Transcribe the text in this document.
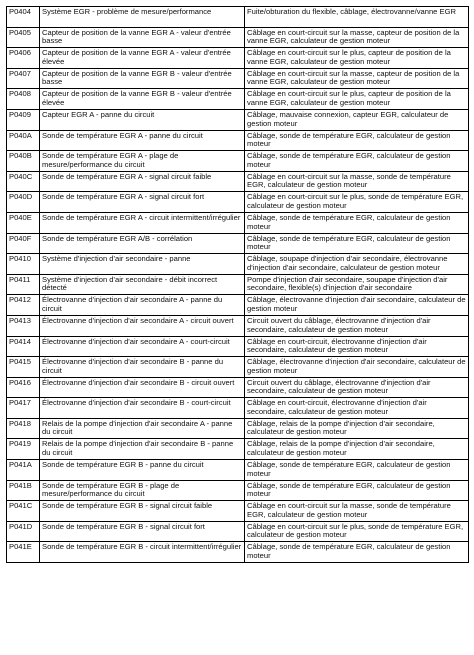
P0404	Système EGR - problème de mesure/performance	Fuite/obturation du flexible, câblage, électrovanne/vanne EGR
P0405	Capteur de position de la vanne EGR A - valeur d'entrée basse	Câblage en court-circuit sur la masse, capteur de position de la vanne EGR, calculateur de gestion moteur
P0406	Capteur de position de la vanne EGR A - valeur d'entrée élevée	Câblage en court-circuit sur le plus, capteur de position de la vanne EGR, calculateur de gestion moteur
P0407	Capteur de position de la vanne EGR B - valeur d'entrée basse	Câblage en court-circuit sur la masse, capteur de position de la vanne EGR, calculateur de gestion moteur
P0408	Capteur de position de la vanne EGR B - valeur d'entrée élevée	Câblage en court-circuit sur le plus, capteur de position de la vanne EGR, calculateur de gestion moteur
P0409	Capteur EGR A - panne du circuit	Câblage, mauvaise connexion, capteur EGR, calculateur de gestion moteur
P040A	Sonde de température EGR A - panne du circuit	Câblage, sonde de température EGR, calculateur de gestion moteur
P040B	Sonde de température EGR A - plage de mesure/performance du circuit	Câblage, sonde de température EGR, calculateur de gestion moteur
P040C	Sonde de température EGR A - signal circuit faible	Câblage en court-circuit sur la masse, sonde de température EGR, calculateur de gestion moteur
P040D	Sonde de température EGR A - signal circuit fort	Câblage en court-circuit sur le plus, sonde de température EGR, calculateur de gestion moteur
P040E	Sonde de température EGR A - circuit intermittent/irrégulier	Câblage, sonde de température EGR, calculateur de gestion moteur
P040F	Sonde de température EGR A/B - corrélation	Câblage, sonde de température EGR, calculateur de gestion moteur
P0410	Système d'injection d'air secondaire - panne	Câblage, soupape d'injection d'air secondaire, électrovanne d'injection d'air secondaire, calculateur de gestion moteur
P0411	Système d'injection d'air secondaire - débit incorrect détecté	Pompe d'injection d'air secondaire, soupape d'injection d'air secondaire, flexible(s) d'injection d'air secondaire
P0412	Électrovanne d'injection d'air secondaire A - panne du circuit	Câblage, électrovanne d'injection d'air secondaire, calculateur de gestion moteur
P0413	Électrovanne d'injection d'air secondaire A - circuit ouvert	Circuit ouvert du câblage, électrovanne d'injection d'air secondaire, calculateur de gestion moteur
P0414	Électrovanne d'injection d'air secondaire A - court-circuit	Câblage en court-circuit, électrovanne d'injection d'air secondaire, calculateur de gestion moteur
P0415	Électrovanne d'injection d'air secondaire B - panne du circuit	Câblage, électrovanne d'injection d'air secondaire, calculateur de gestion moteur
P0416	Électrovanne d'injection d'air secondaire B - circuit ouvert	Circuit ouvert du câblage, électrovanne d'injection d'air secondaire, calculateur de gestion moteur
P0417	Électrovanne d'injection d'air secondaire B - court-circuit	Câblage en court-circuit, électrovanne d'injection d'air secondaire, calculateur de gestion moteur
P0418	Relais de la pompe d'injection d'air secondaire A - panne du circuit	Câblage, relais de la pompe d'injection d'air secondaire, calculateur de gestion moteur
P0419	Relais de la pompe d'injection d'air secondaire B - panne du circuit	Câblage, relais de la pompe d'injection d'air secondaire, calculateur de gestion moteur
P041A	Sonde de température EGR B - panne du circuit	Câblage, sonde de température EGR, calculateur de gestion moteur
P041B	Sonde de température EGR B - plage de mesure/performance du circuit	Câblage, sonde de température EGR, calculateur de gestion moteur
P041C	Sonde de température EGR B - signal circuit faible	Câblage en court-circuit sur la masse, sonde de température EGR, calculateur de gestion moteur
P041D	Sonde de température EGR B - signal circuit fort	Câblage en court-circuit sur le plus, sonde de température EGR, calculateur de gestion moteur
P041E	Sonde de température EGR B - circuit intermittent/irrégulier	Câblage, sonde de température EGR, calculateur de gestion moteur
